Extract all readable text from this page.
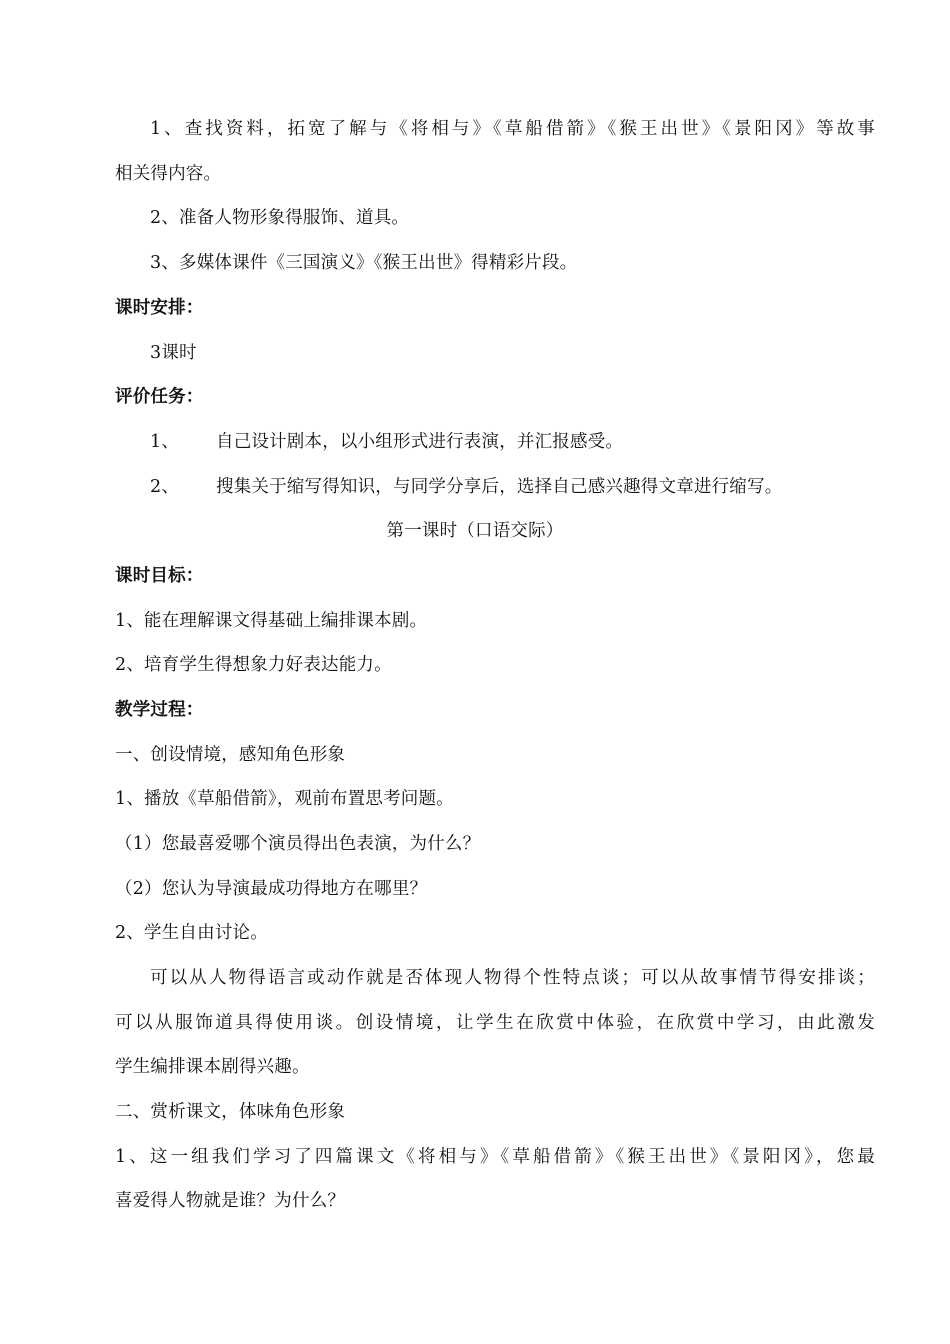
1、查找资料，拓宽了解与《将相与》《草船借箭》《猴王出世》《景阳冈》等故事
相关得内容。
2、准备人物形象得服饰、道具。
3、多媒体课件《三国演义》《猴王出世》得精彩片段。
课时安排：
3课时
评价任务：
1、 自己设计剧本，以小组形式进行表演，并汇报感受。
2、 搜集关于缩写得知识，与同学分享后，选择自己感兴趣得文章进行缩写。
第一课时（口语交际）
课时目标：
1、能在理解课文得基础上编排课本剧。
2、培育学生得想象力好表达能力。
教学过程：
一、创设情境，感知角色形象
1、播放《草船借箭》，观前布置思考问题。
（1）您最喜爱哪个演员得出色表演，为什么？
（2）您认为导演最成功得地方在哪里？
2、学生自由讨论。
可以从人物得语言或动作就是否体现人物得个性特点谈；可以从故事情节得安排谈；
可以从服饰道具得使用谈。创设情境，让学生在欣赏中体验，在欣赏中学习，由此激发
学生编排课本剧得兴趣。
二、赏析课文，体味角色形象
1、这一组我们学习了四篇课文《将相与》《草船借箭》《猴王出世》《景阳冈》，您最
喜爱得人物就是谁？为什么？
